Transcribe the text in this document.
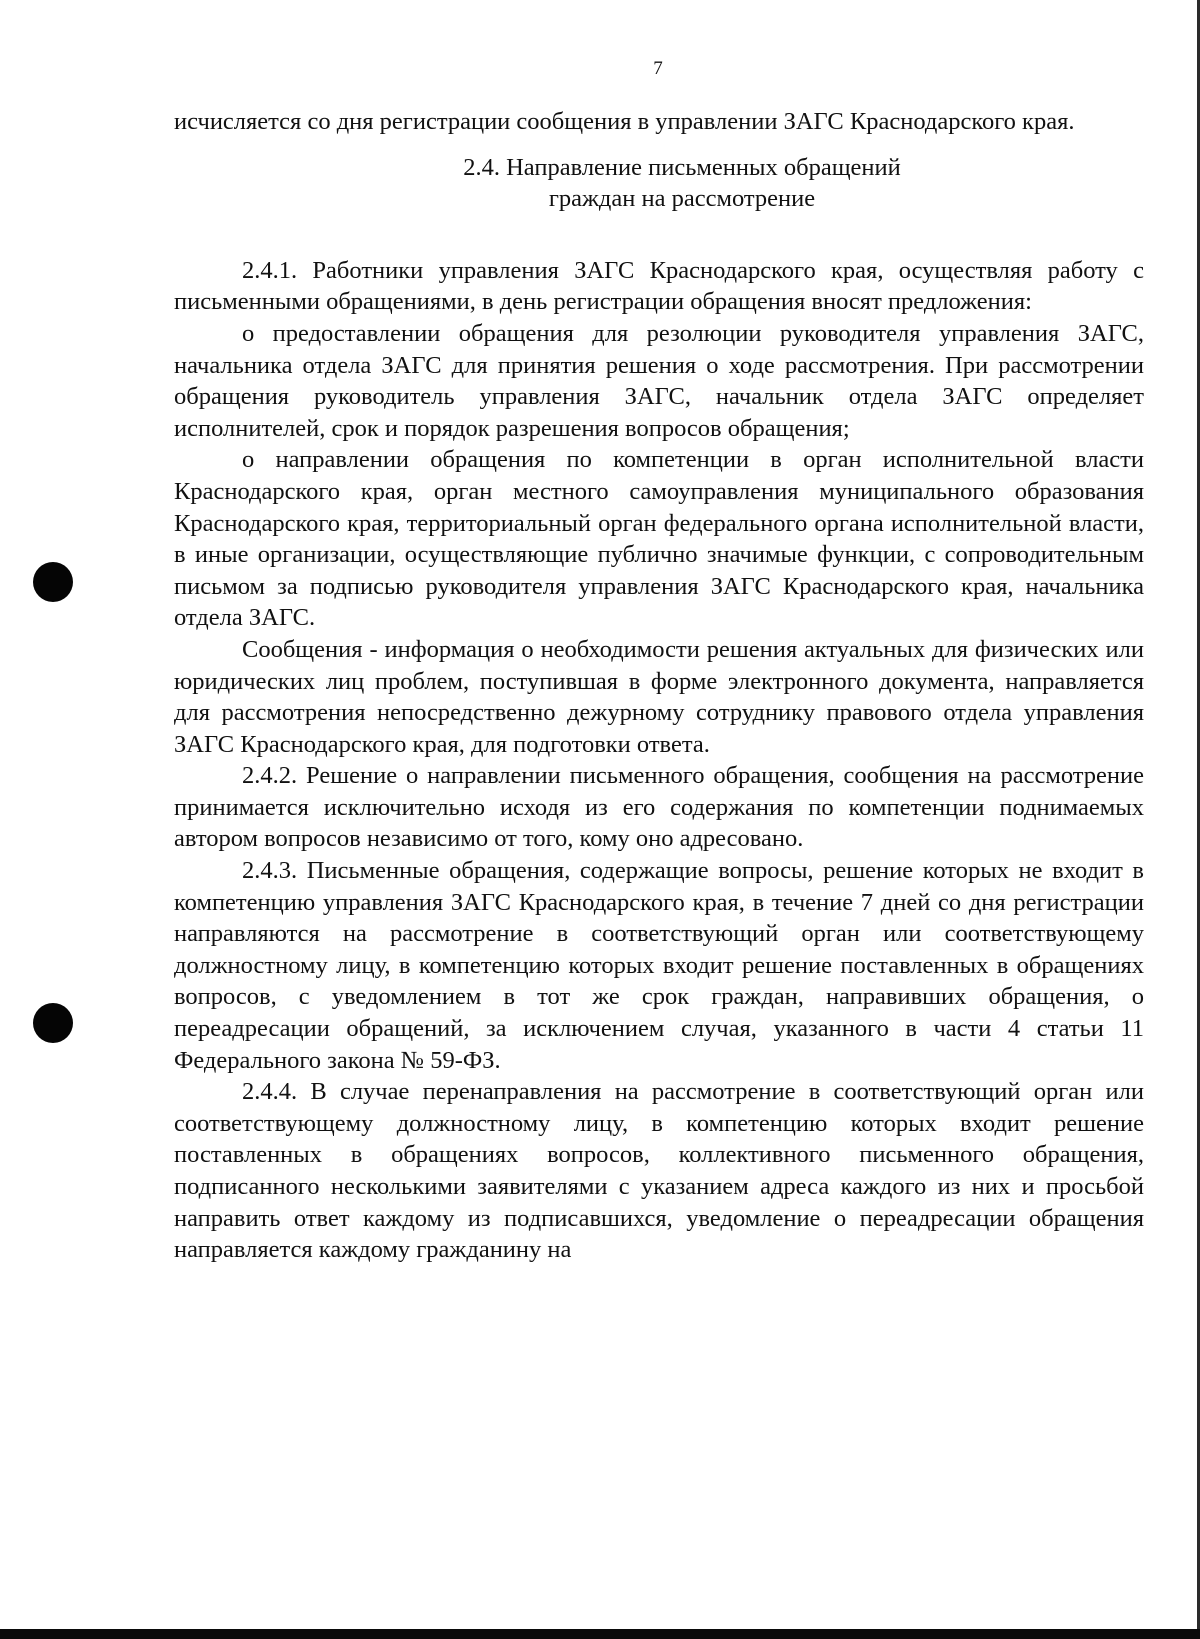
7

исчисляется со дня регистрации сообщения в управлении ЗАГС Краснодарского края.

2.4. Направление письменных обращений
граждан на рассмотрение

2.4.1. Работники управления ЗАГС Краснодарского края, осуществляя работу с письменными обращениями, в день регистрации обращения вносят предложения:

о предоставлении обращения для резолюции руководителя управления ЗАГС, начальника отдела ЗАГС для принятия решения о ходе рассмотрения. При рассмотрении обращения руководитель управления ЗАГС, начальник отдела ЗАГС определяет исполнителей, срок и порядок разрешения вопросов обращения;

о направлении обращения по компетенции в орган исполнительной власти Краснодарского края, орган местного самоуправления муниципального образования Краснодарского края, территориальный орган федерального органа исполнительной власти, в иные организации, осуществляющие публично значимые функции, с сопроводительным письмом за подписью руководителя управления ЗАГС Краснодарского края, начальника отдела ЗАГС.

Сообщения - информация о необходимости решения актуальных для физических или юридических лиц проблем, поступившая в форме электронного документа, направляется для рассмотрения непосредственно дежурному сотруднику правового отдела управления ЗАГС Краснодарского края, для подготовки ответа.

2.4.2. Решение о направлении письменного обращения, сообщения на рассмотрение принимается исключительно исходя из его содержания по компетенции поднимаемых автором вопросов независимо от того, кому оно адресовано.

2.4.3. Письменные обращения, содержащие вопросы, решение которых не входит в компетенцию управления ЗАГС Краснодарского края, в течение 7 дней со дня регистрации направляются на рассмотрение в соответствующий орган или соответствующему должностному лицу, в компетенцию которых входит решение поставленных в обращениях вопросов, с уведомлением в тот же срок граждан, направивших обращения, о переадресации обращений, за исключением случая, указанного в части 4 статьи 11 Федерального закона № 59-ФЗ.

2.4.4. В случае перенаправления на рассмотрение в соответствующий орган или соответствующему должностному лицу, в компетенцию которых входит решение поставленных в обращениях вопросов, коллективного письменного обращения, подписанного несколькими заявителями с указанием адреса каждого из них и просьбой направить ответ каждому из подписавшихся, уведомление о переадресации обращения направляется каждому гражданину на
